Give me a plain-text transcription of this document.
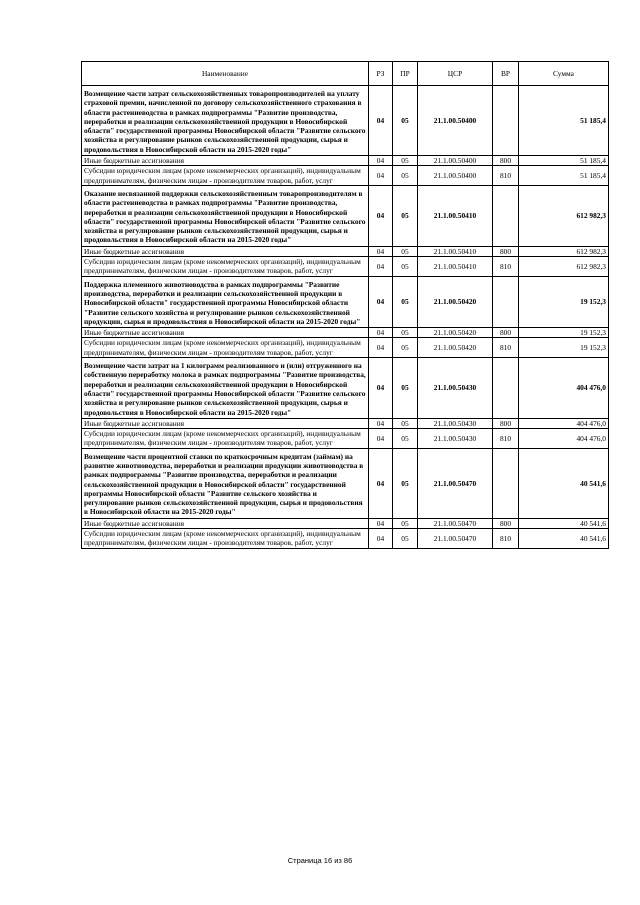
Наименование	РЗ	ПР	ЦСР	ВР	Сумма
Возмещение части затрат сельскохозяйственных товаропроизводителей на уплату страховой премии, начисленной по договору сельскохозяйственного страхования в области растениеводства в рамках подпрограммы "Развитие производства, переработки и реализации сельскохозяйственной продукции в Новосибирской области" государственной программы Новосибирской области "Развитие сельского хозяйства и регулирование рынков сельскохозяйственной продукции, сырья и продовольствия в Новосибирской области на 2015-2020 годы"	04	05	21.1.00.50400		51 185,4
Иные бюджетные ассигнования	04	05	21.1.00.50400	800	51 185,4
Субсидии юридическим лицам (кроме некоммерческих организаций), индивидуальным предпринимателям, физическим лицам - производителям товаров, работ, услуг	04	05	21.1.00.50400	810	51 185,4
Оказание несвязанной поддержки сельскохозяйственным товаропроизводителям в области растениеводства в рамках подпрограммы "Развитие производства, переработки и реализации сельскохозяйственной продукции в Новосибирской области" государственной программы Новосибирской области "Развитие сельского хозяйства и регулирование рынков сельскохозяйственной продукции, сырья и продовольствия в Новосибирской области на 2015-2020 годы"	04	05	21.1.00.50410		612 982,3
Иные бюджетные ассигнования	04	05	21.1.00.50410	800	612 982,3
Субсидии юридическим лицам (кроме некоммерческих организаций), индивидуальным предпринимателям, физическим лицам - производителям товаров, работ, услуг	04	05	21.1.00.50410	810	612 982,3
Поддержка племенного животноводства в рамках подпрограммы "Развитие производства, переработки и реализации сельскохозяйственной продукции в Новосибирской области" государственной программы Новосибирской области "Развитие сельского хозяйства и регулирование рынков сельскохозяйственной продукции, сырья и продовольствия в Новосибирской области на 2015-2020 годы"	04	05	21.1.00.50420		19 152,3
Иные бюджетные ассигнования	04	05	21.1.00.50420	800	19 152,3
Субсидии юридическим лицам (кроме некоммерческих организаций), индивидуальным предпринимателям, физическим лицам - производителям товаров, работ, услуг	04	05	21.1.00.50420	810	19 152,3
Возмещение части затрат на 1 килограмм реализованного и (или) отгруженного на собственную переработку молока в рамках подпрограммы "Развитие производства, переработки и реализации сельскохозяйственной продукции в Новосибирской области" государственной программы Новосибирской области "Развитие сельского хозяйства и регулирование рынков сельскохозяйственной продукции, сырья и продовольствия в Новосибирской области на 2015-2020 годы"	04	05	21.1.00.50430		404 476,0
Иные бюджетные ассигнования	04	05	21.1.00.50430	800	404 476,0
Субсидии юридическим лицам (кроме некоммерческих организаций), индивидуальным предпринимателям, физическим лицам - производителям товаров, работ, услуг	04	05	21.1.00.50430	810	404 476,0
Возмещение части процентной ставки по краткосрочным кредитам (займам) на развитие животноводства, переработки и реализации продукции животноводства в рамках подпрограммы "Развитие производства, переработки и реализации сельскохозяйственной продукции в Новосибирской области" государственной программы Новосибирской области "Развитие сельского хозяйства и регулирование рынков сельскохозяйственной продукции, сырья и продовольствия в Новосибирской области на 2015-2020 годы"	04	05	21.1.00.50470		40 541,6
Иные бюджетные ассигнования	04	05	21.1.00.50470	800	40 541,6
Субсидии юридическим лицам (кроме некоммерческих организаций), индивидуальным предпринимателям, физическим лицам - производителям товаров, работ, услуг	04	05	21.1.00.50470	810	40 541,6
Страница 16 из 86
